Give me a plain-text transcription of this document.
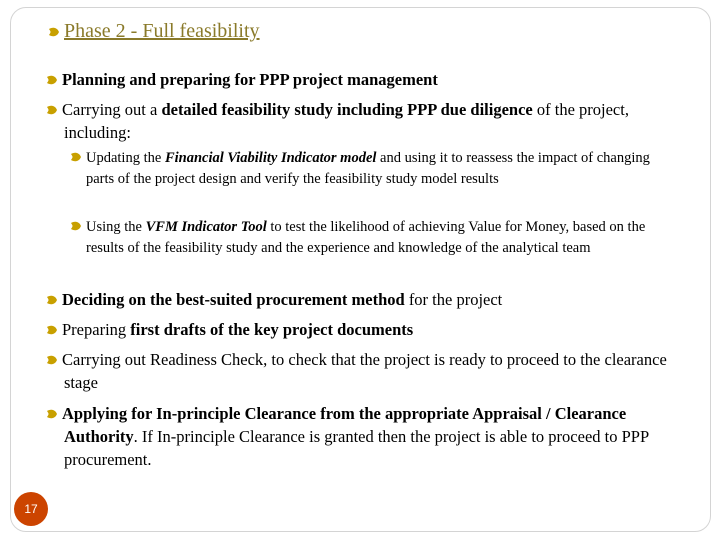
Phase 2 - Full feasibility
Planning and preparing for PPP project management
Carrying out a detailed feasibility study including PPP due diligence of the project, including:
Updating the Financial Viability Indicator model and using it to reassess the impact of changing parts of the project design and verify the feasibility study model results
Using the VFM Indicator Tool to test the likelihood of achieving Value for Money, based on the results of the feasibility study and the experience and knowledge of the analytical team
Deciding on the best-suited procurement method for the project
Preparing first drafts of the key project documents
Carrying out Readiness Check, to check that the project is ready to proceed to the clearance stage
Applying for In-principle Clearance from the appropriate Appraisal / Clearance Authority. If In-principle Clearance is granted then the project is able to proceed to PPP procurement.
17
